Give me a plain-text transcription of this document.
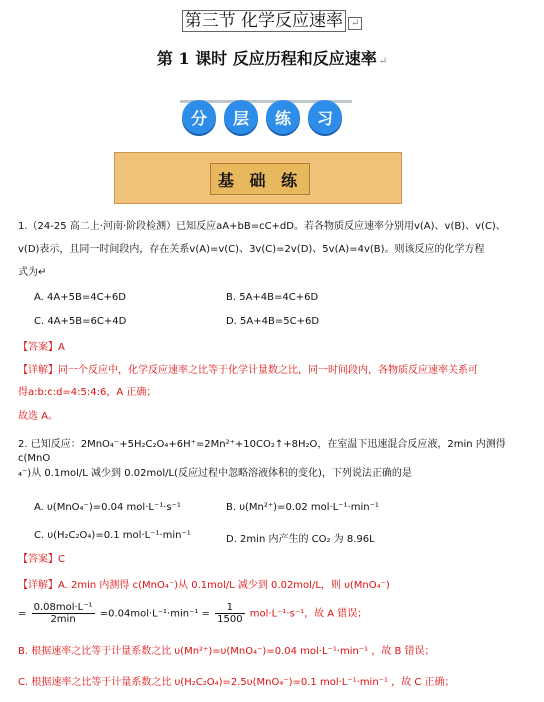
第三节 化学反应速率 ↵
第 1 课时 反应历程和反应速率 ↵
分	层	练	习
基 础 练
1.（24-25 高二上·河南·阶段检测）已知反应aA+bB=cC+dD。若各物质反应速率分别用v(A)、v(B)、v(C)、
v(D)表示，且同一时间段内，存在关系v(A)=v(C)、3v(C)=2v(D)、5v(A)=4v(B)。则该反应的化学方程
式为↵
A. 4A+5B=4C+6D	B. 5A+4B=4C+6D
C. 4A+5B=6C+4D	D. 5A+4B=5C+6D
【答案】A
【详解】同一个反应中，化学反应速率之比等于化学计量数之比，同一时间段内，各物质反应速率关系可
得a:b:c:d=4:5:4:6，A 正确；
故选 A。
2. 已知反应：2MnO₄⁻+5H₂C₂O₄+6H⁺=2Mn²⁺+10CO₂↑+8H₂O，在室温下迅速混合反应液，2min 内测得 c(MnO
₄⁻)从 0.1mol/L 减少到 0.02mol/L(反应过程中忽略溶液体积的变化)，下列说法正确的是
A. υ(MnO₄⁻)=0.04 mol·L⁻¹·s⁻¹	B. υ(Mn²⁺)=0.02 mol·L⁻¹·min⁻¹
C. υ(H₂C₂O₄)=0.1 mol·L⁻¹·min⁻¹	D. 2min 内产生的 CO₂ 为 8.96L
【答案】C
【详解】A. 2min 内测得 c(MnO₄⁻)从 0.1mol/L 减少到 0.02mol/L，则 υ(MnO₄⁻)
= $\frac{\text{0.08mol·L⁻¹}}{2\min} =0.04mol\cdot L^{-1}\cdot\min^{-1} = \frac{1}{1500} mol\cdot L^{-1}\cdot s^{-1}$，故 A 错误；
B. 根据速率之比等于计量系数之比 υ(Mn²⁺)=υ(MnO₄⁻)=0.04 mol·L⁻¹·min⁻¹ ，故 B 错误；
C. 根据速率之比等于计量系数之比 υ(H₂C₂O₄)=2.5υ(MnO₄⁻)=0.1 mol·L⁻¹·min⁻¹ ，故 C 正确；
